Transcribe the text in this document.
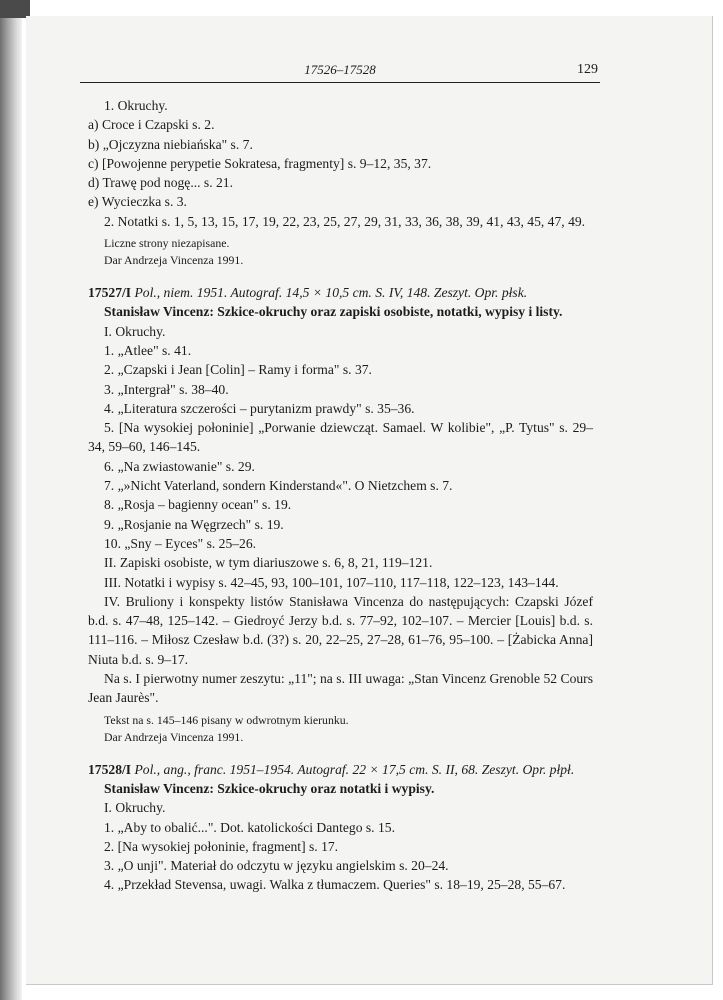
17526–17528	129

1. Okruchy.

a) Croce i Czapski s. 2.

b) „Ojczyzna niebiańska" s. 7.

c) [Powojenne perypetie Sokratesa, fragmenty] s. 9–12, 35, 37.

d) Trawę pod nogę... s. 21.

e) Wycieczka s. 3.

2. Notatki s. 1, 5, 13, 15, 17, 19, 22, 23, 25, 27, 29, 31, 33, 36, 38, 39, 41, 43, 45, 47, 49.

Liczne strony niezapisane.

Dar Andrzeja Vincenza 1991.

17527/I Pol., niem. 1951. Autograf. 14,5 × 10,5 cm. S. IV, 148. Zeszyt. Opr. płsk.

Stanisław Vincenz: Szkice-okruchy oraz zapiski osobiste, notatki, wypisy i listy.

I. Okruchy.

1. „Atlee" s. 41.

2. „Czapski i Jean [Colin] – Ramy i forma" s. 37.

3. „Intergrał" s. 38–40.

4. „Literatura szczerości – purytanizm prawdy" s. 35–36.

5. [Na wysokiej połoninie] „Porwanie dziewcząt. Samael. W kolibie", „P. Tytus" s. 29–34, 59–60, 146–145.

6. „Na zwiastowanie" s. 29.

7. „»Nicht Vaterland, sondern Kinderstand«". O Nietzchem s. 7.

8. „Rosja – bagienny ocean" s. 19.

9. „Rosjanie na Węgrzech" s. 19.

10. „Sny – Eyces" s. 25–26.

II. Zapiski osobiste, w tym diariuszowe s. 6, 8, 21, 119–121.

III. Notatki i wypisy s. 42–45, 93, 100–101, 107–110, 117–118, 122–123, 143–144.

IV. Bruliony i konspekty listów Stanisława Vincenza do następujących: Czapski Józef b.d. s. 47–48, 125–142. – Giedroyć Jerzy b.d. s. 77–92, 102–107. – Mercier [Louis] b.d. s. 111–116. – Miłosz Czesław b.d. (3?) s. 20, 22–25, 27–28, 61–76, 95–100. – [Żabicka Anna] Niuta b.d. s. 9–17.

Na s. I pierwotny numer zeszytu: „11"; na s. III uwaga: „Stan Vincenz Grenoble 52 Cours Jean Jaurès".

Tekst na s. 145–146 pisany w odwrotnym kierunku.

Dar Andrzeja Vincenza 1991.

17528/I Pol., ang., franc. 1951–1954. Autograf. 22 × 17,5 cm. S. II, 68. Zeszyt. Opr. płpł.

Stanisław Vincenz: Szkice-okruchy oraz notatki i wypisy.

I. Okruchy.

1. „Aby to obalić...". Dot. katolickości Dantego s. 15.

2. [Na wysokiej połoninie, fragment] s. 17.

3. „O unji". Materiał do odczytu w języku angielskim s. 20–24.

4. „Przekład Stevensa, uwagi. Walka z tłumaczem. Queries" s. 18–19, 25–28, 55–67.
